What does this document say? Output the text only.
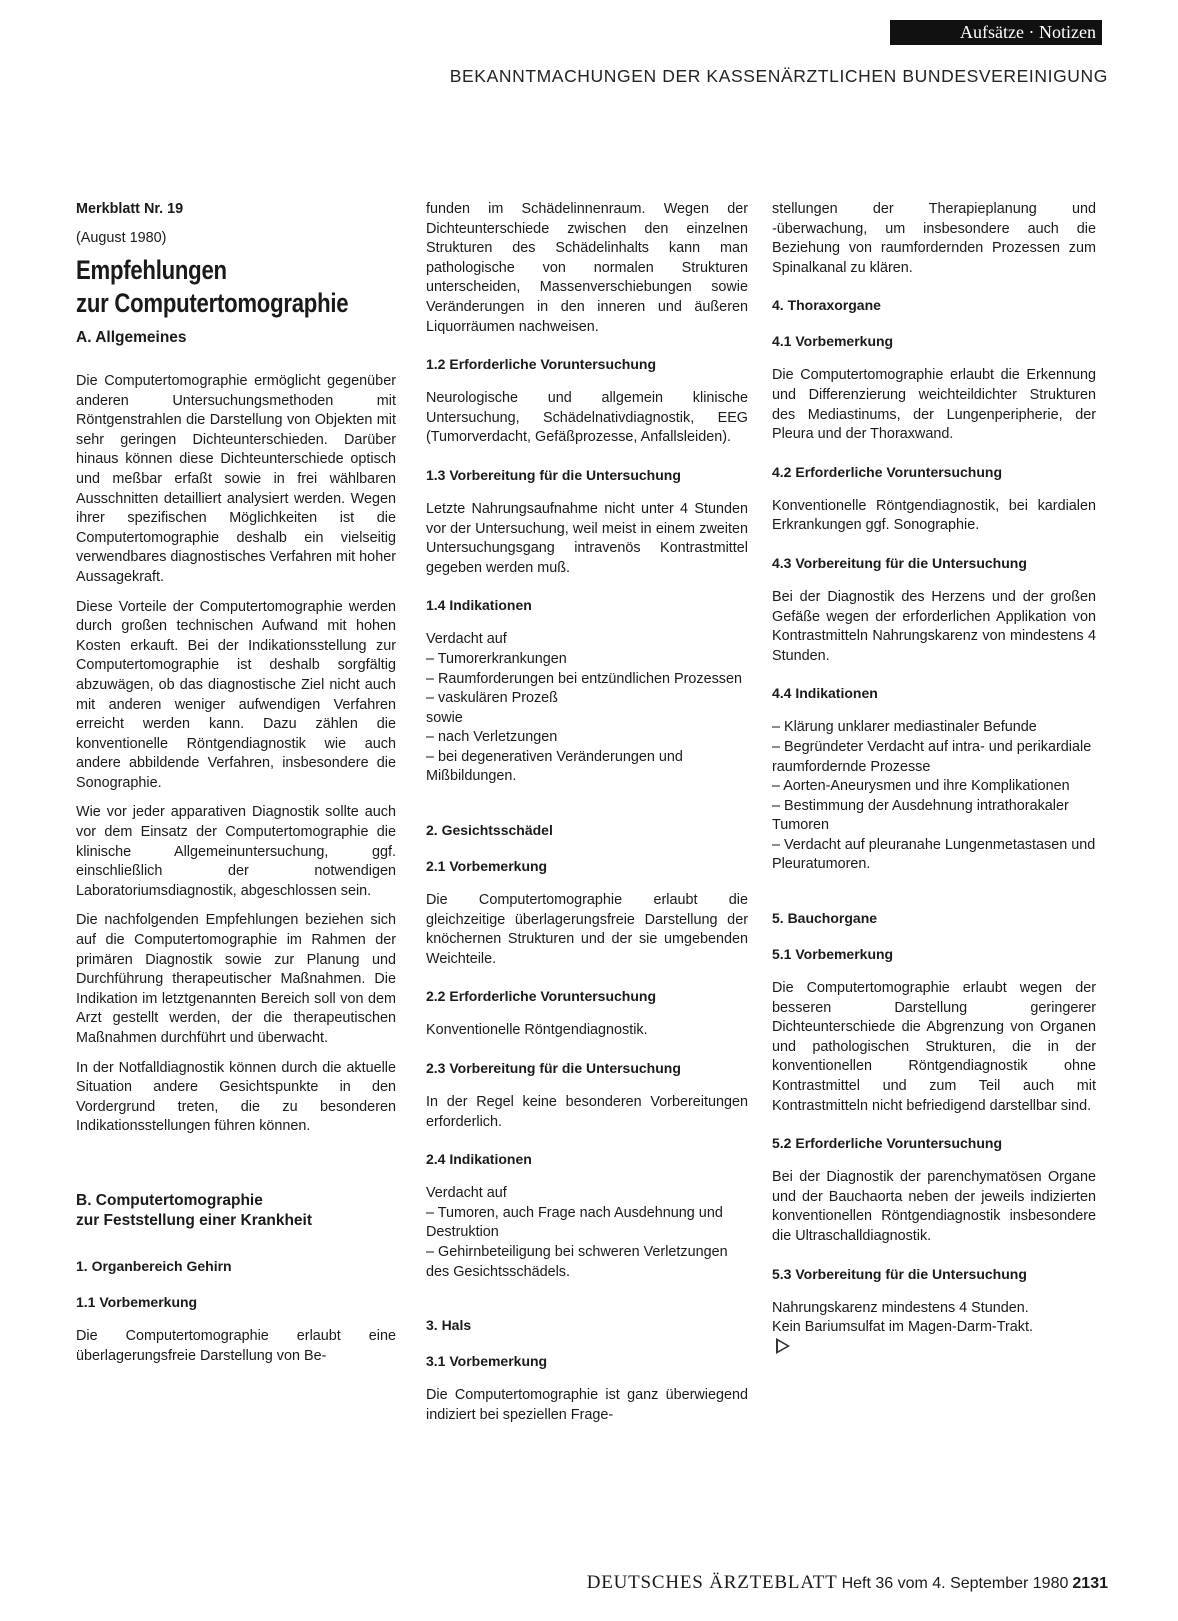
Aufsätze · Notizen
BEKANNTMACHUNGEN DER KASSENÄRZTLICHEN BUNDESVEREINIGUNG

Merkblatt Nr. 19

(August 1980)

Empfehlungen
zur Computertomographie
A. Allgemeines

Die Computertomographie ermöglicht gegenüber anderen Untersuchungsmethoden mit Röntgenstrahlen die Darstellung von Objekten mit sehr geringen Dichteunterschieden. Darüber hinaus können diese Dichteunterschiede optisch und meßbar erfaßt sowie in frei wählbaren Ausschnitten detailliert analysiert werden. Wegen ihrer spezifischen Möglichkeiten ist die Computertomographie deshalb ein vielseitig verwendbares diagnostisches Verfahren mit hoher Aussagekraft.

Diese Vorteile der Computertomographie werden durch großen technischen Aufwand mit hohen Kosten erkauft. Bei der Indikationsstellung zur Computertomographie ist deshalb sorgfältig abzuwägen, ob das diagnostische Ziel nicht auch mit anderen weniger aufwendigen Verfahren erreicht werden kann. Dazu zählen die konventionelle Röntgendiagnostik wie auch andere abbildende Verfahren, insbesondere die Sonographie.

Wie vor jeder apparativen Diagnostik sollte auch vor dem Einsatz der Computertomographie die klinische Allgemeinuntersuchung, ggf. einschließlich der notwendigen Laboratoriumsdiagnostik, abgeschlossen sein.

Die nachfolgenden Empfehlungen beziehen sich auf die Computertomographie im Rahmen der primären Diagnostik sowie zur Planung und Durchführung therapeutischer Maßnahmen. Die Indikation im letztgenannten Bereich soll von dem Arzt gestellt werden, der die therapeutischen Maßnahmen durchführt und überwacht.

In der Notfalldiagnostik können durch die aktuelle Situation andere Gesichtspunkte in den Vordergrund treten, die zu besonderen Indikationsstellungen führen können.

B. Computertomographie
zur Feststellung einer Krankheit
1. Organbereich Gehirn
1.1 Vorbemerkung

Die Computertomographie erlaubt eine überlagerungsfreie Darstellung von Be-

funden im Schädelinnenraum. Wegen der Dichteunterschiede zwischen den einzelnen Strukturen des Schädelinhalts kann man pathologische von normalen Strukturen unterscheiden, Massenverschiebungen sowie Veränderungen in den inneren und äußeren Liquorräumen nachweisen.

1.2 Erforderliche Voruntersuchung

Neurologische und allgemein klinische Untersuchung, Schädelnativdiagnostik, EEG (Tumorverdacht, Gefäßprozesse, Anfallsleiden).

1.3 Vorbereitung für die Untersuchung

Letzte Nahrungsaufnahme nicht unter 4 Stunden vor der Untersuchung, weil meist in einem zweiten Untersuchungsgang intravenös Kontrastmittel gegeben werden muß.

1.4 Indikationen
Verdacht auf
– Tumorerkrankungen
– Raumforderungen bei entzündlichen Prozessen
– vaskulären Prozeß
sowie
– nach Verletzungen
– bei degenerativen Veränderungen und Mißbildungen.
2. Gesichtsschädel
2.1 Vorbemerkung

Die Computertomographie erlaubt die gleichzeitige überlagerungsfreie Darstellung der knöchernen Strukturen und der sie umgebenden Weichteile.

2.2 Erforderliche Voruntersuchung

Konventionelle Röntgendiagnostik.

2.3 Vorbereitung für die Untersuchung

In der Regel keine besonderen Vorbereitungen erforderlich.

2.4 Indikationen
Verdacht auf
– Tumoren, auch Frage nach Ausdehnung und Destruktion
– Gehirnbeteiligung bei schweren Verletzungen des Gesichtsschädels.
3. Hals
3.1 Vorbemerkung

Die Computertomographie ist ganz überwiegend indiziert bei speziellen Frage-

stellungen der Therapieplanung und -überwachung, um insbesondere auch die Beziehung von raumfordernden Prozessen zum Spinalkanal zu klären.

4. Thoraxorgane
4.1 Vorbemerkung

Die Computertomographie erlaubt die Erkennung und Differenzierung weichteildichter Strukturen des Mediastinums, der Lungenperipherie, der Pleura und der Thoraxwand.

4.2 Erforderliche Voruntersuchung

Konventionelle Röntgendiagnostik, bei kardialen Erkrankungen ggf. Sonographie.

4.3 Vorbereitung für die Untersuchung

Bei der Diagnostik des Herzens und der großen Gefäße wegen der erforderlichen Applikation von Kontrastmitteln Nahrungskarenz von mindestens 4 Stunden.

4.4 Indikationen
– Klärung unklarer mediastinaler Befunde
– Begründeter Verdacht auf intra- und perikardiale raumfordernde Prozesse
– Aorten-Aneurysmen und ihre Komplikationen
– Bestimmung der Ausdehnung intrathorakaler Tumoren
– Verdacht auf pleuranahe Lungenmetastasen und Pleuratumoren.
5. Bauchorgane
5.1 Vorbemerkung

Die Computertomographie erlaubt wegen der besseren Darstellung geringerer Dichteunterschiede die Abgrenzung von Organen und pathologischen Strukturen, die in der konventionellen Röntgendiagnostik ohne Kontrastmittel und zum Teil auch mit Kontrastmitteln nicht befriedigend darstellbar sind.

5.2 Erforderliche Voruntersuchung

Bei der Diagnostik der parenchymatösen Organe und der Bauchaorta neben der jeweils indizierten konventionellen Röntgendiagnostik insbesondere die Ultraschalldiagnostik.

5.3 Vorbereitung für die Untersuchung
Nahrungskarenz mindestens 4 Stunden.
Kein Bariumsulfat im Magen-Darm-Trakt.
DEUTSCHES ÄRZTEBLATT Heft 36 vom 4. September 1980 2131
